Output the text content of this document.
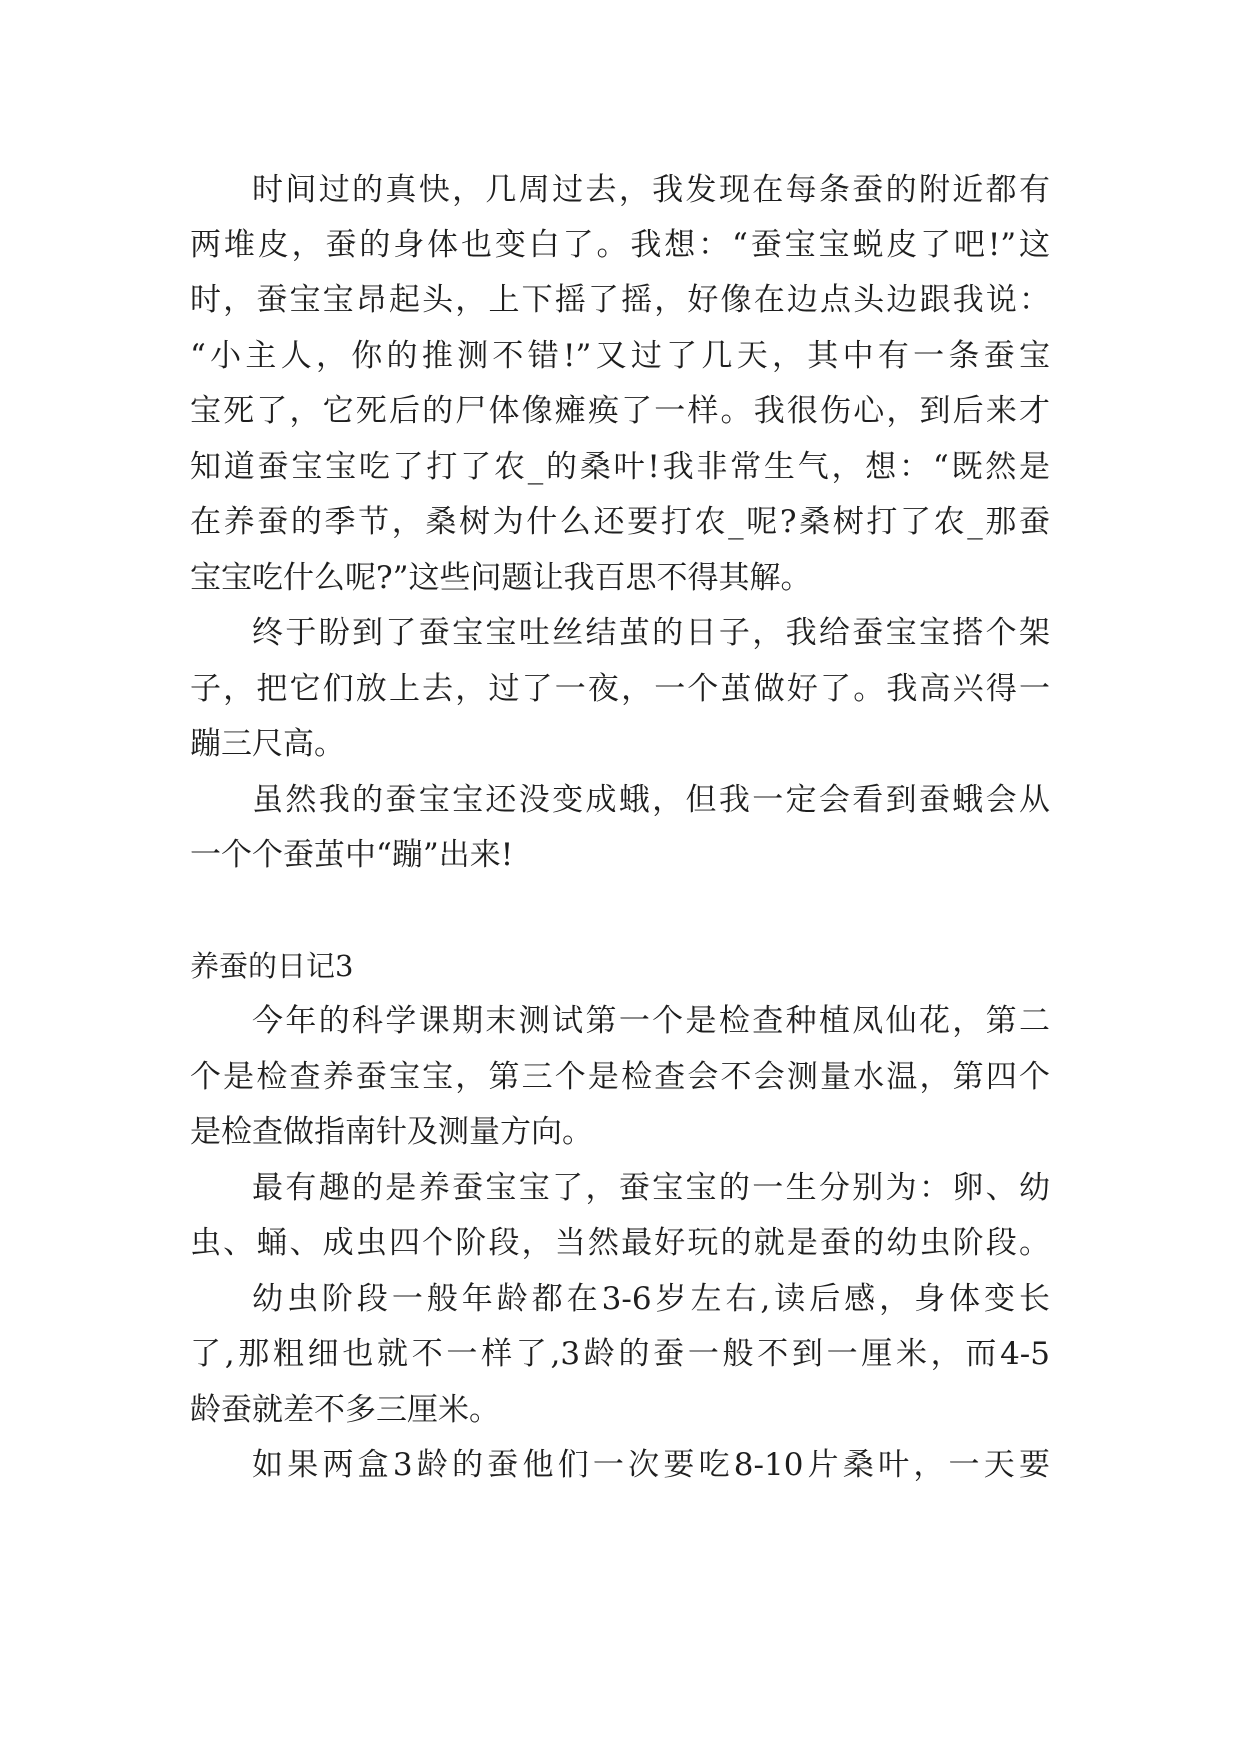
时间过的真快，几周过去，我发现在每条蚕的附近都有
两堆皮，蚕的身体也变白了。我想：“蚕宝宝蜕皮了吧!”这
时，蚕宝宝昂起头，上下摇了摇，好像在边点头边跟我说：
“小主人，你的推测不错!”又过了几天，其中有一条蚕宝
宝死了，它死后的尸体像瘫痪了一样。我很伤心，到后来才
知道蚕宝宝吃了打了农_的桑叶!我非常生气，想：“既然是
在养蚕的季节，桑树为什么还要打农_呢?桑树打了农_那蚕
宝宝吃什么呢?”这些问题让我百思不得其解。
终于盼到了蚕宝宝吐丝结茧的日子，我给蚕宝宝搭个架
子，把它们放上去，过了一夜，一个茧做好了。我高兴得一
蹦三尺高。
虽然我的蚕宝宝还没变成蛾，但我一定会看到蚕蛾会从
一个个蚕茧中“蹦”出来!
养蚕的日记3
今年的科学课期末测试第一个是检查种植凤仙花，第二
个是检查养蚕宝宝，第三个是检查会不会测量水温，第四个
是检查做指南针及测量方向。
最有趣的是养蚕宝宝了，蚕宝宝的一生分别为：卵、幼
虫、蛹、成虫四个阶段，当然最好玩的就是蚕的幼虫阶段。
幼虫阶段一般年龄都在3-6岁左右,读后感，身体变长
了,那粗细也就不一样了,3龄的蚕一般不到一厘米，而4-5
龄蚕就差不多三厘米。
如果两盒3龄的蚕他们一次要吃8-10片桑叶，一天要
